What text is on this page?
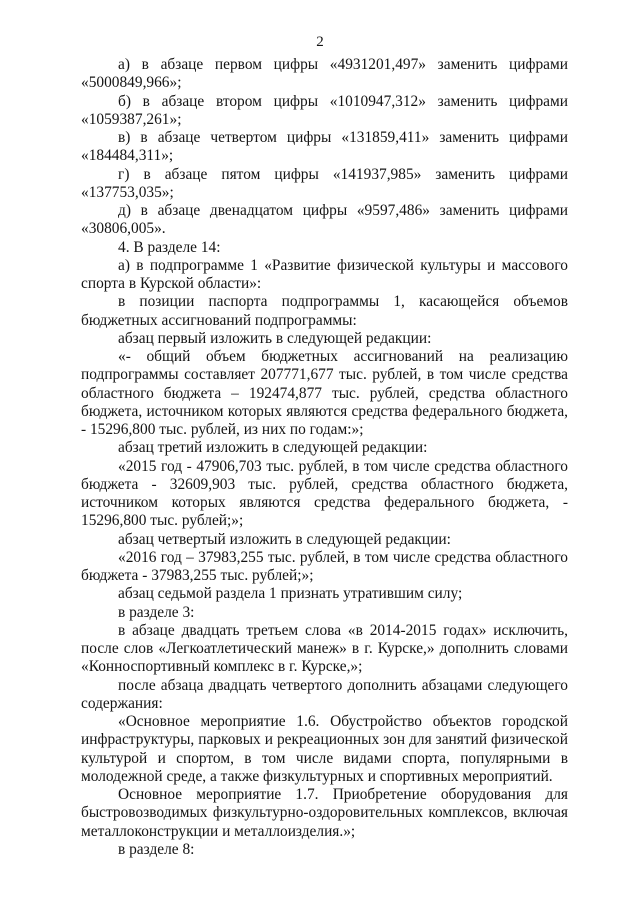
2
а) в абзаце первом цифры «4931201,497» заменить цифрами
«5000849,966»;
б) в абзаце втором цифры «1010947,312» заменить цифрами
«1059387,261»;
в) в абзаце четвертом цифры «131859,411» заменить цифрами
«184484,311»;
г) в абзаце пятом цифры «141937,985» заменить цифрами
«137753,035»;
д) в абзаце двенадцатом цифры «9597,486» заменить цифрами
«30806,005».
4. В разделе 14:
а) в подпрограмме 1 «Развитие физической культуры и массового
спорта в Курской области»:
в позиции паспорта подпрограммы 1, касающейся объемов
бюджетных ассигнований подпрограммы:
абзац первый изложить в следующей редакции:
«- общий объем бюджетных ассигнований на реализацию
подпрограммы составляет 207771,677 тыс. рублей, в том числе средства
областного бюджета – 192474,877 тыс. рублей, средства областного
бюджета, источником которых являются средства федерального бюджета,
- 15296,800 тыс. рублей, из них по годам:»;
абзац третий изложить в следующей редакции:
«2015 год - 47906,703 тыс. рублей, в том числе средства областного
бюджета - 32609,903 тыс. рублей, средства областного бюджета,
источником которых являются средства федерального бюджета, -
15296,800 тыс. рублей;»;
абзац четвертый изложить в следующей редакции:
«2016 год – 37983,255 тыс. рублей, в том числе средства областного
бюджета - 37983,255 тыс. рублей;»;
абзац седьмой раздела 1 признать утратившим силу;
в разделе 3:
в абзаце двадцать третьем слова «в 2014-2015 годах» исключить,
после слов «Легкоатлетический манеж» в г. Курске,» дополнить словами
«Конноспортивный комплекс в г. Курске,»;
после абзаца двадцать четвертого дополнить абзацами следующего
содержания:
«Основное мероприятие 1.6. Обустройство объектов городской
инфраструктуры, парковых и рекреационных зон для занятий физической
культурой и спортом, в том числе видами спорта, популярными в
молодежной среде, а также физкультурных и спортивных мероприятий.
Основное мероприятие 1.7. Приобретение оборудования для
быстровозводимых физкультурно-оздоровительных комплексов, включая
металлоконструкции и металлоизделия.»;
в разделе 8:
